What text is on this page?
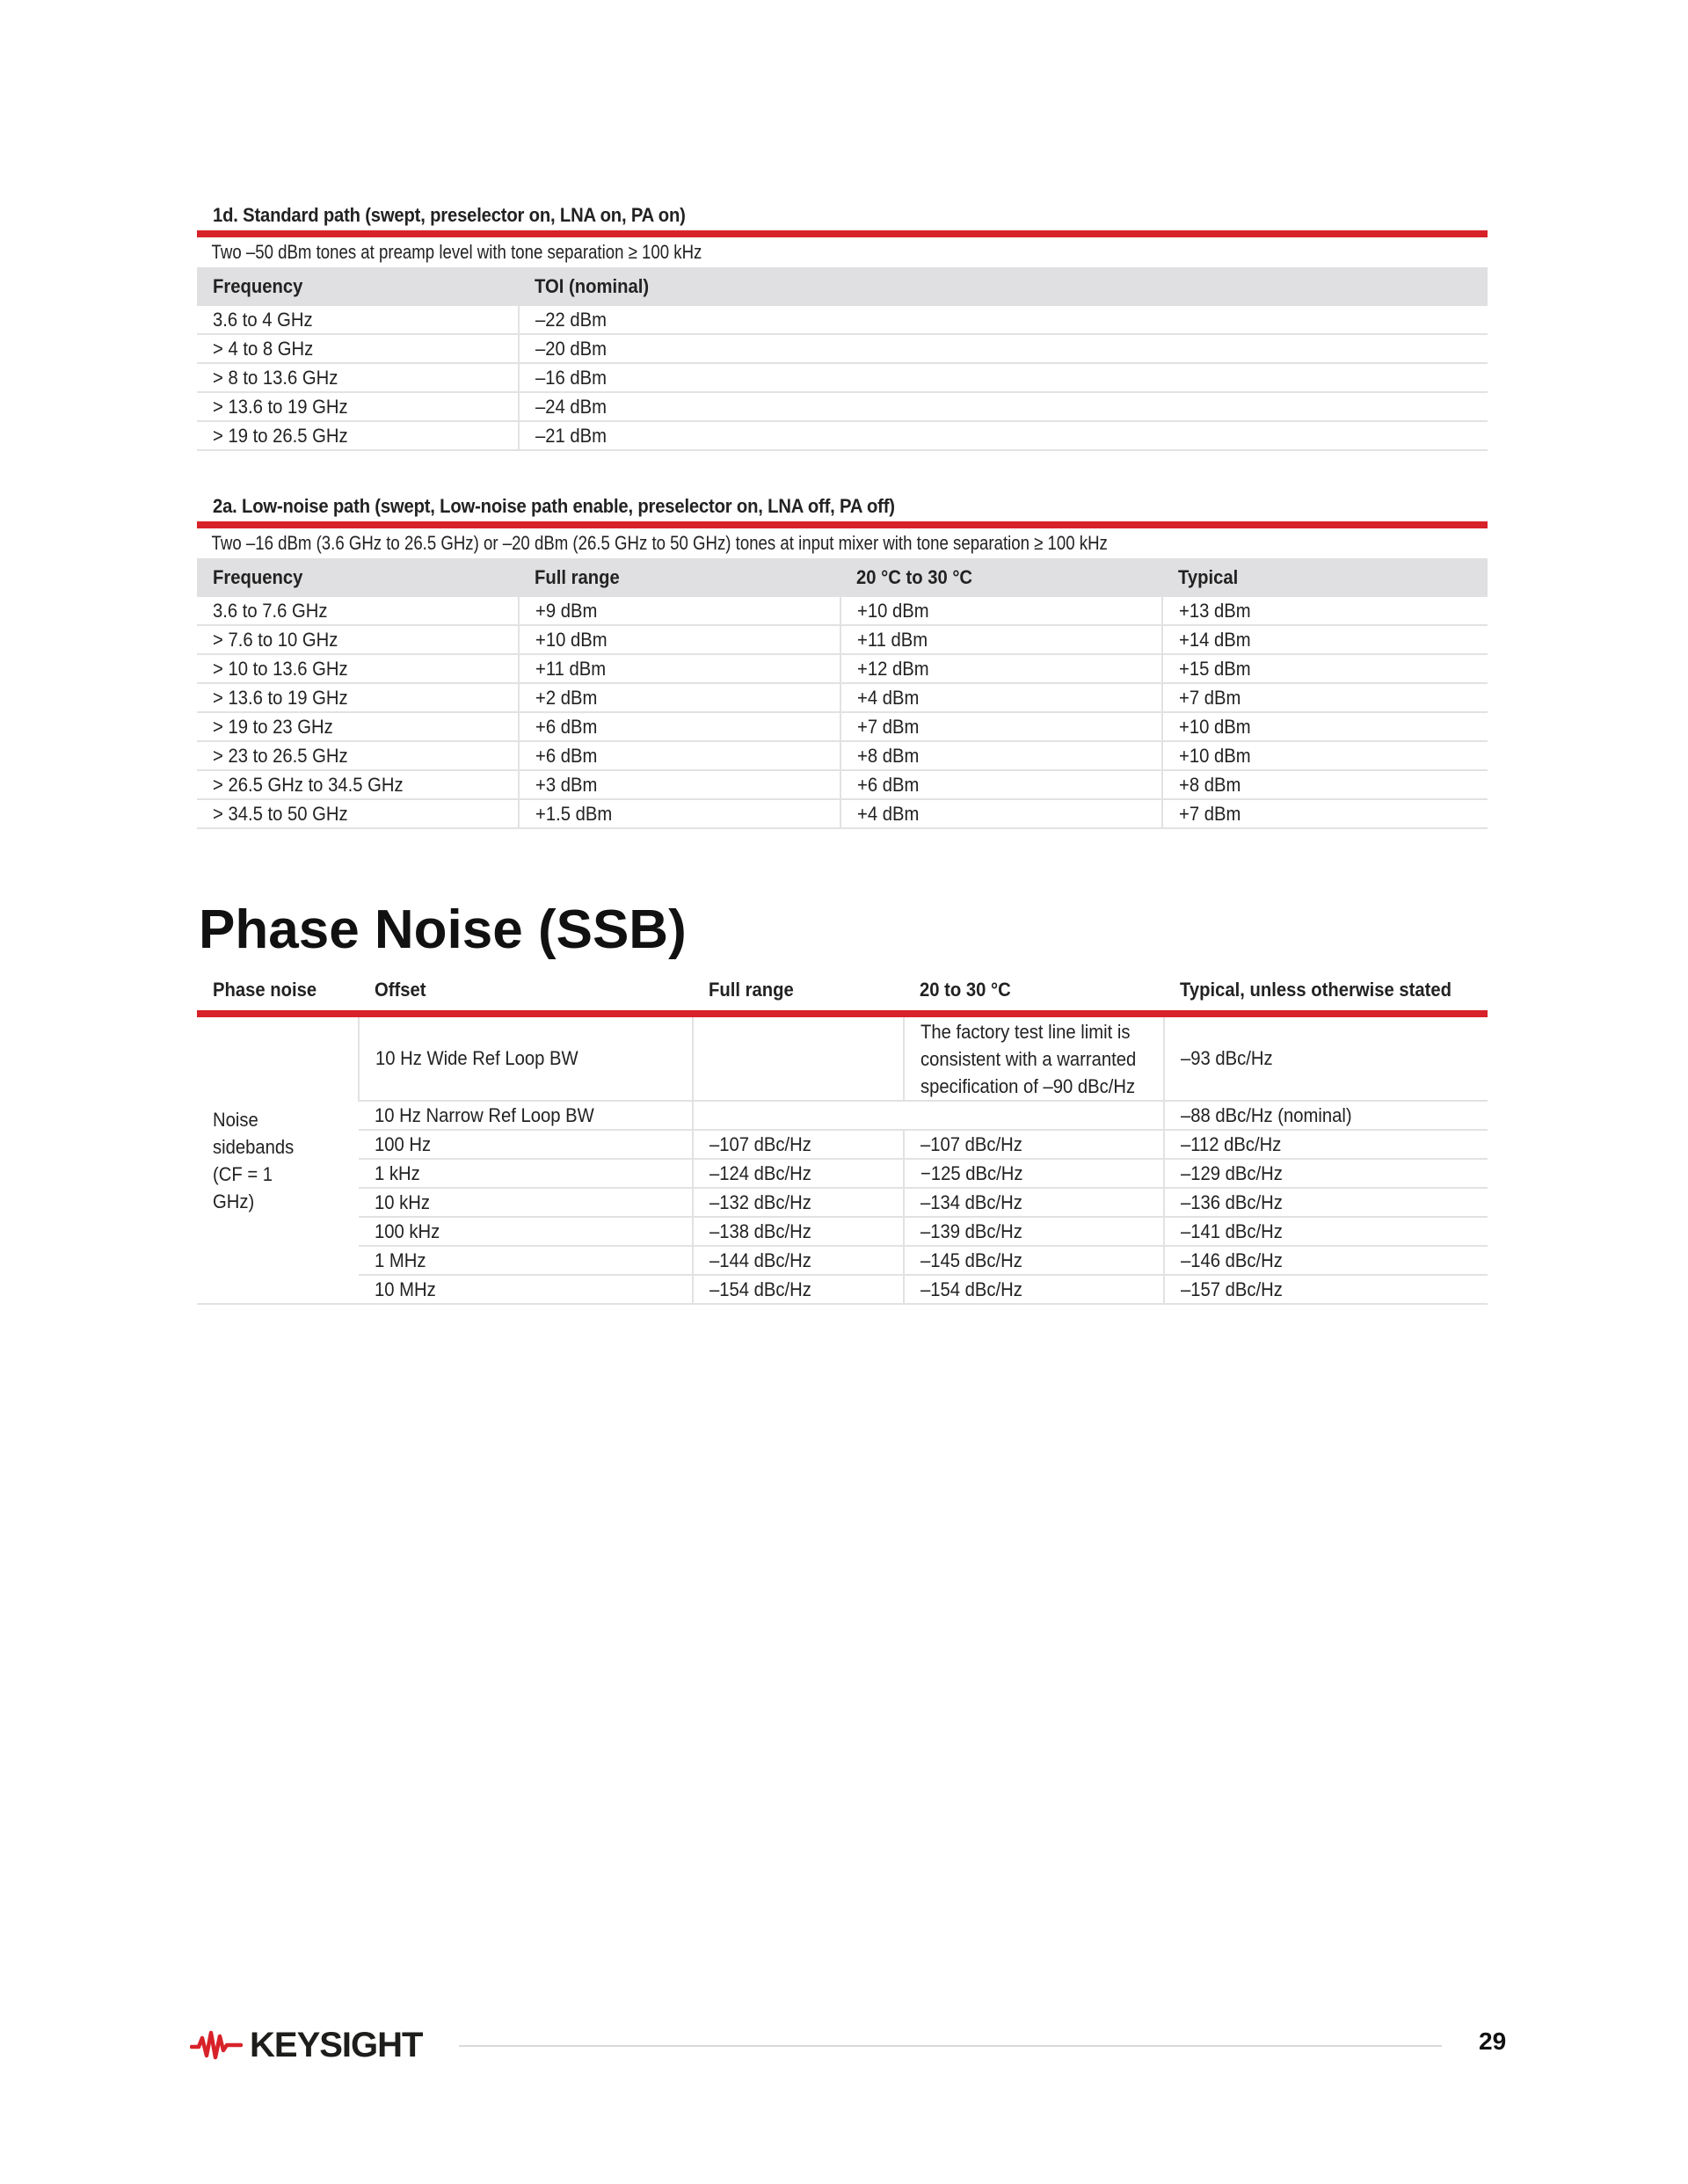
1d. Standard path (swept, preselector on, LNA on, PA on)
Two –50 dBm tones at preamp level with tone separation ≥ 100 kHz
Frequency	TOI (nominal)
3.6 to 4 GHz	–22 dBm
> 4 to 8 GHz	–20 dBm
> 8 to 13.6 GHz	–16 dBm
> 13.6 to 19 GHz	–24 dBm
> 19 to 26.5 GHz	–21 dBm
2a. Low-noise path (swept, Low-noise path enable, preselector on, LNA off, PA off)
Two –16 dBm (3.6 GHz to 26.5 GHz) or –20 dBm (26.5 GHz to 50 GHz) tones at input mixer with tone separation ≥ 100 kHz
Frequency	Full range	20 °C to 30 °C	Typical
3.6 to 7.6 GHz	+9 dBm	+10 dBm	+13 dBm
> 7.6 to 10 GHz	+10 dBm	+11 dBm	+14 dBm
> 10 to 13.6 GHz	+11 dBm	+12 dBm	+15 dBm
> 13.6 to 19 GHz	+2 dBm	+4 dBm	+7 dBm
> 19 to 23 GHz	+6 dBm	+7 dBm	+10 dBm
> 23 to 26.5 GHz	+6 dBm	+8 dBm	+10 dBm
> 26.5 GHz to 34.5 GHz	+3 dBm	+6 dBm	+8 dBm
> 34.5 to 50 GHz	+1.5 dBm	+4 dBm	+7 dBm
Phase Noise (SSB)
Phase noise	Offset	Full range	20 to 30 °C	Typical, unless otherwise stated

Noise sidebands (CF = 1 GHz)	10 Hz Wide Ref Loop BW		The factory test line limit is consistent with a warranted specification of –90 dBc/Hz	–93 dBc/Hz
	10 Hz Narrow Ref Loop BW			–88 dBc/Hz (nominal)
	100 Hz	–107 dBc/Hz	–107 dBc/Hz	–112 dBc/Hz
	1 kHz	–124 dBc/Hz	−125 dBc/Hz	–129 dBc/Hz
	10 kHz	–132 dBc/Hz	–134 dBc/Hz	–136 dBc/Hz
	100 kHz	–138 dBc/Hz	–139 dBc/Hz	–141 dBc/Hz
	1 MHz	–144 dBc/Hz	–145 dBc/Hz	–146 dBc/Hz
	10 MHz	–154 dBc/Hz	–154 dBc/Hz	–157 dBc/Hz
KEYSIGHT	29
